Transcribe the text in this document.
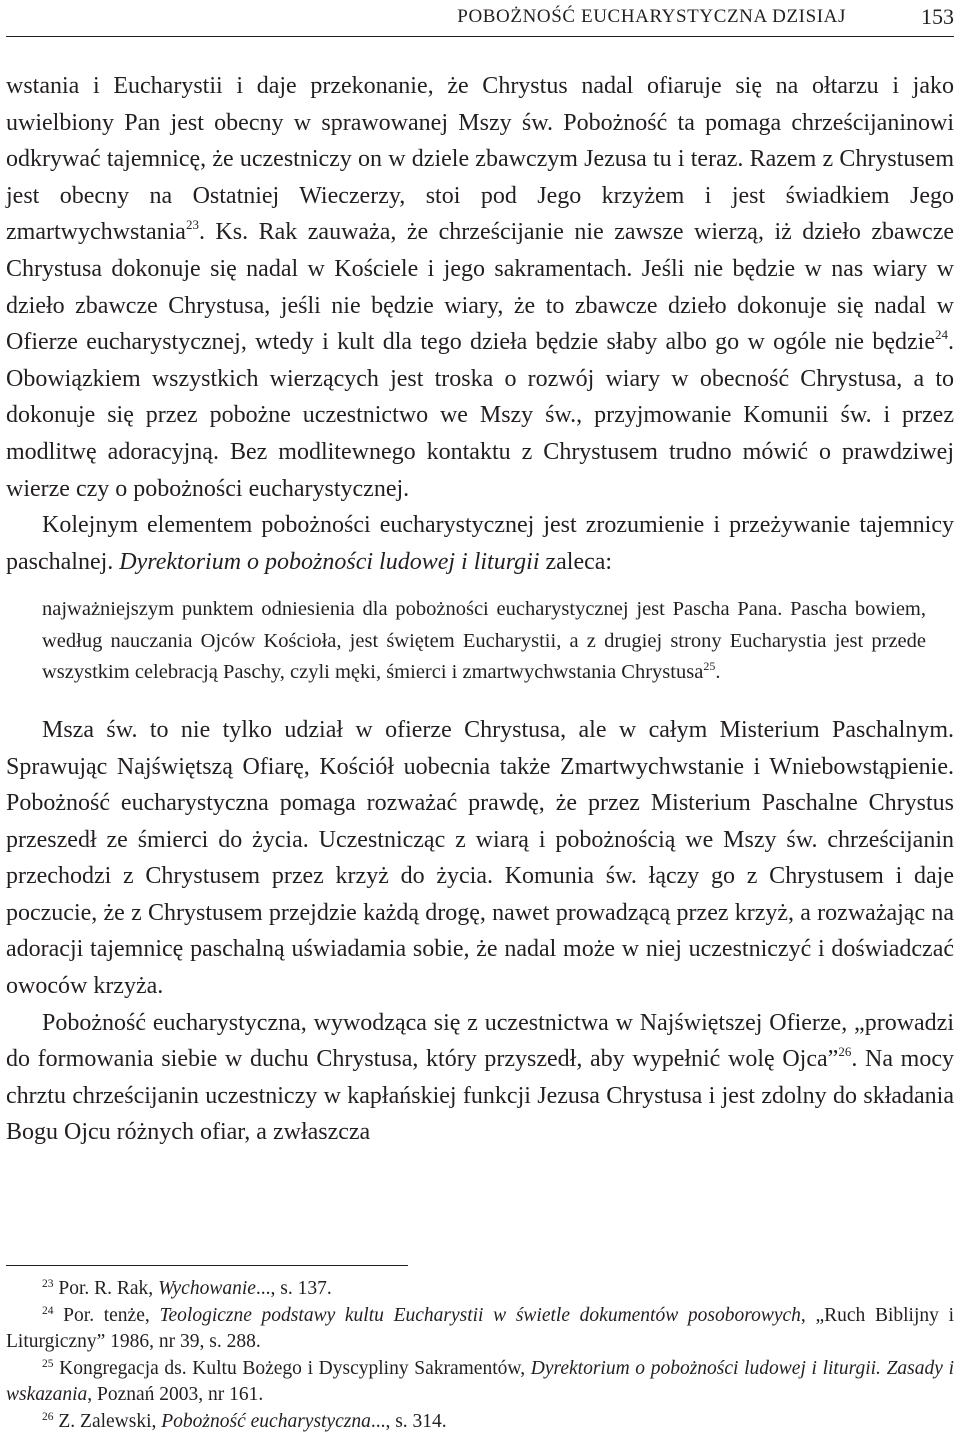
POBOŻNOŚĆ EUCHARYSTYCZNA DZISIAJ	153

wstania i Eucharystii i daje przekonanie, że Chrystus nadal ofiaruje się na ołtarzu i jako uwielbiony Pan jest obecny w sprawowanej Mszy św. Pobożność ta pomaga chrześcijaninowi odkrywać tajemnicę, że uczestniczy on w dziele zbawczym Jezusa tu i teraz. Razem z Chrystusem jest obecny na Ostatniej Wieczerzy, stoi pod Jego krzyżem i jest świadkiem Jego zmartwychwstania$^{23}$. Ks. Rak zauważa, że chrześcijanie nie zawsze wierzą, iż dzieło zbawcze Chrystusa dokonuje się nadal w Kościele i jego sakramentach. Jeśli nie będzie w nas wiary w dzieło zbawcze Chrystusa, jeśli nie będzie wiary, że to zbawcze dzieło dokonuje się nadal w Ofierze eucharystycznej, wtedy i kult dla tego dzieła będzie słaby albo go w ogóle nie będzie$^{24}$. Obowiązkiem wszystkich wierzących jest troska o rozwój wiary w obecność Chrystusa, a to dokonuje się przez pobożne uczestnictwo we Mszy św., przyjmowanie Komunii św. i przez modlitwę adoracyjną. Bez modlitewnego kontaktu z Chrystusem trudno mówić o prawdziwej wierze czy o pobożności eucharystycznej.

Kolejnym elementem pobożności eucharystycznej jest zrozumienie i przeżywanie tajemnicy paschalnej. Dyrektorium o pobożności ludowej i liturgii zaleca:

najważniejszym punktem odniesienia dla pobożności eucharystycznej jest Pascha Pana. Pascha bowiem, według nauczania Ojców Kościoła, jest świętem Eucharystii, a z drugiej strony Eucharystia jest przede wszystkim celebracją Paschy, czyli męki, śmierci i zmartwychwstania Chrystusa$^{25}$.

Msza św. to nie tylko udział w ofierze Chrystusa, ale w całym Misterium Paschalnym. Sprawując Najświętszą Ofiarę, Kościół uobecnia także Zmartwychwstanie i Wniebowstąpienie. Pobożność eucharystyczna pomaga rozważać prawdę, że przez Misterium Paschalne Chrystus przeszedł ze śmierci do życia. Uczestnicząc z wiarą i pobożnością we Mszy św. chrześcijanin przechodzi z Chrystusem przez krzyż do życia. Komunia św. łączy go z Chrystusem i daje poczucie, że z Chrystusem przejdzie każdą drogę, nawet prowadzącą przez krzyż, a rozważając na adoracji tajemnicę paschalną uświadamia sobie, że nadal może w niej uczestniczyć i doświadczać owoców krzyża.

Pobożność eucharystyczna, wywodząca się z uczestnictwa w Najświętszej Ofierze, „prowadzi do formowania siebie w duchu Chrystusa, który przyszedł, aby wypełnić wolę Ojca”$^{26}$. Na mocy chrztu chrześcijanin uczestniczy w kapłańskiej funkcji Jezusa Chrystusa i jest zdolny do składania Bogu Ojcu różnych ofiar, a zwłaszcza

$^{23}$ Por. R. Rak, Wychowanie..., s. 137.

$^{24}$ Por. tenże, Teologiczne podstawy kultu Eucharystii w świetle dokumentów posoborowych, „Ruch Biblijny i Liturgiczny” 1986, nr 39, s. 288.

$^{25}$ Kongregacja ds. Kultu Bożego i Dyscypliny Sakramentów, Dyrektorium o pobożności ludowej i liturgii. Zasady i wskazania, Poznań 2003, nr 161.

$^{26}$ Z. Zalewski, Pobożność eucharystyczna..., s. 314.
